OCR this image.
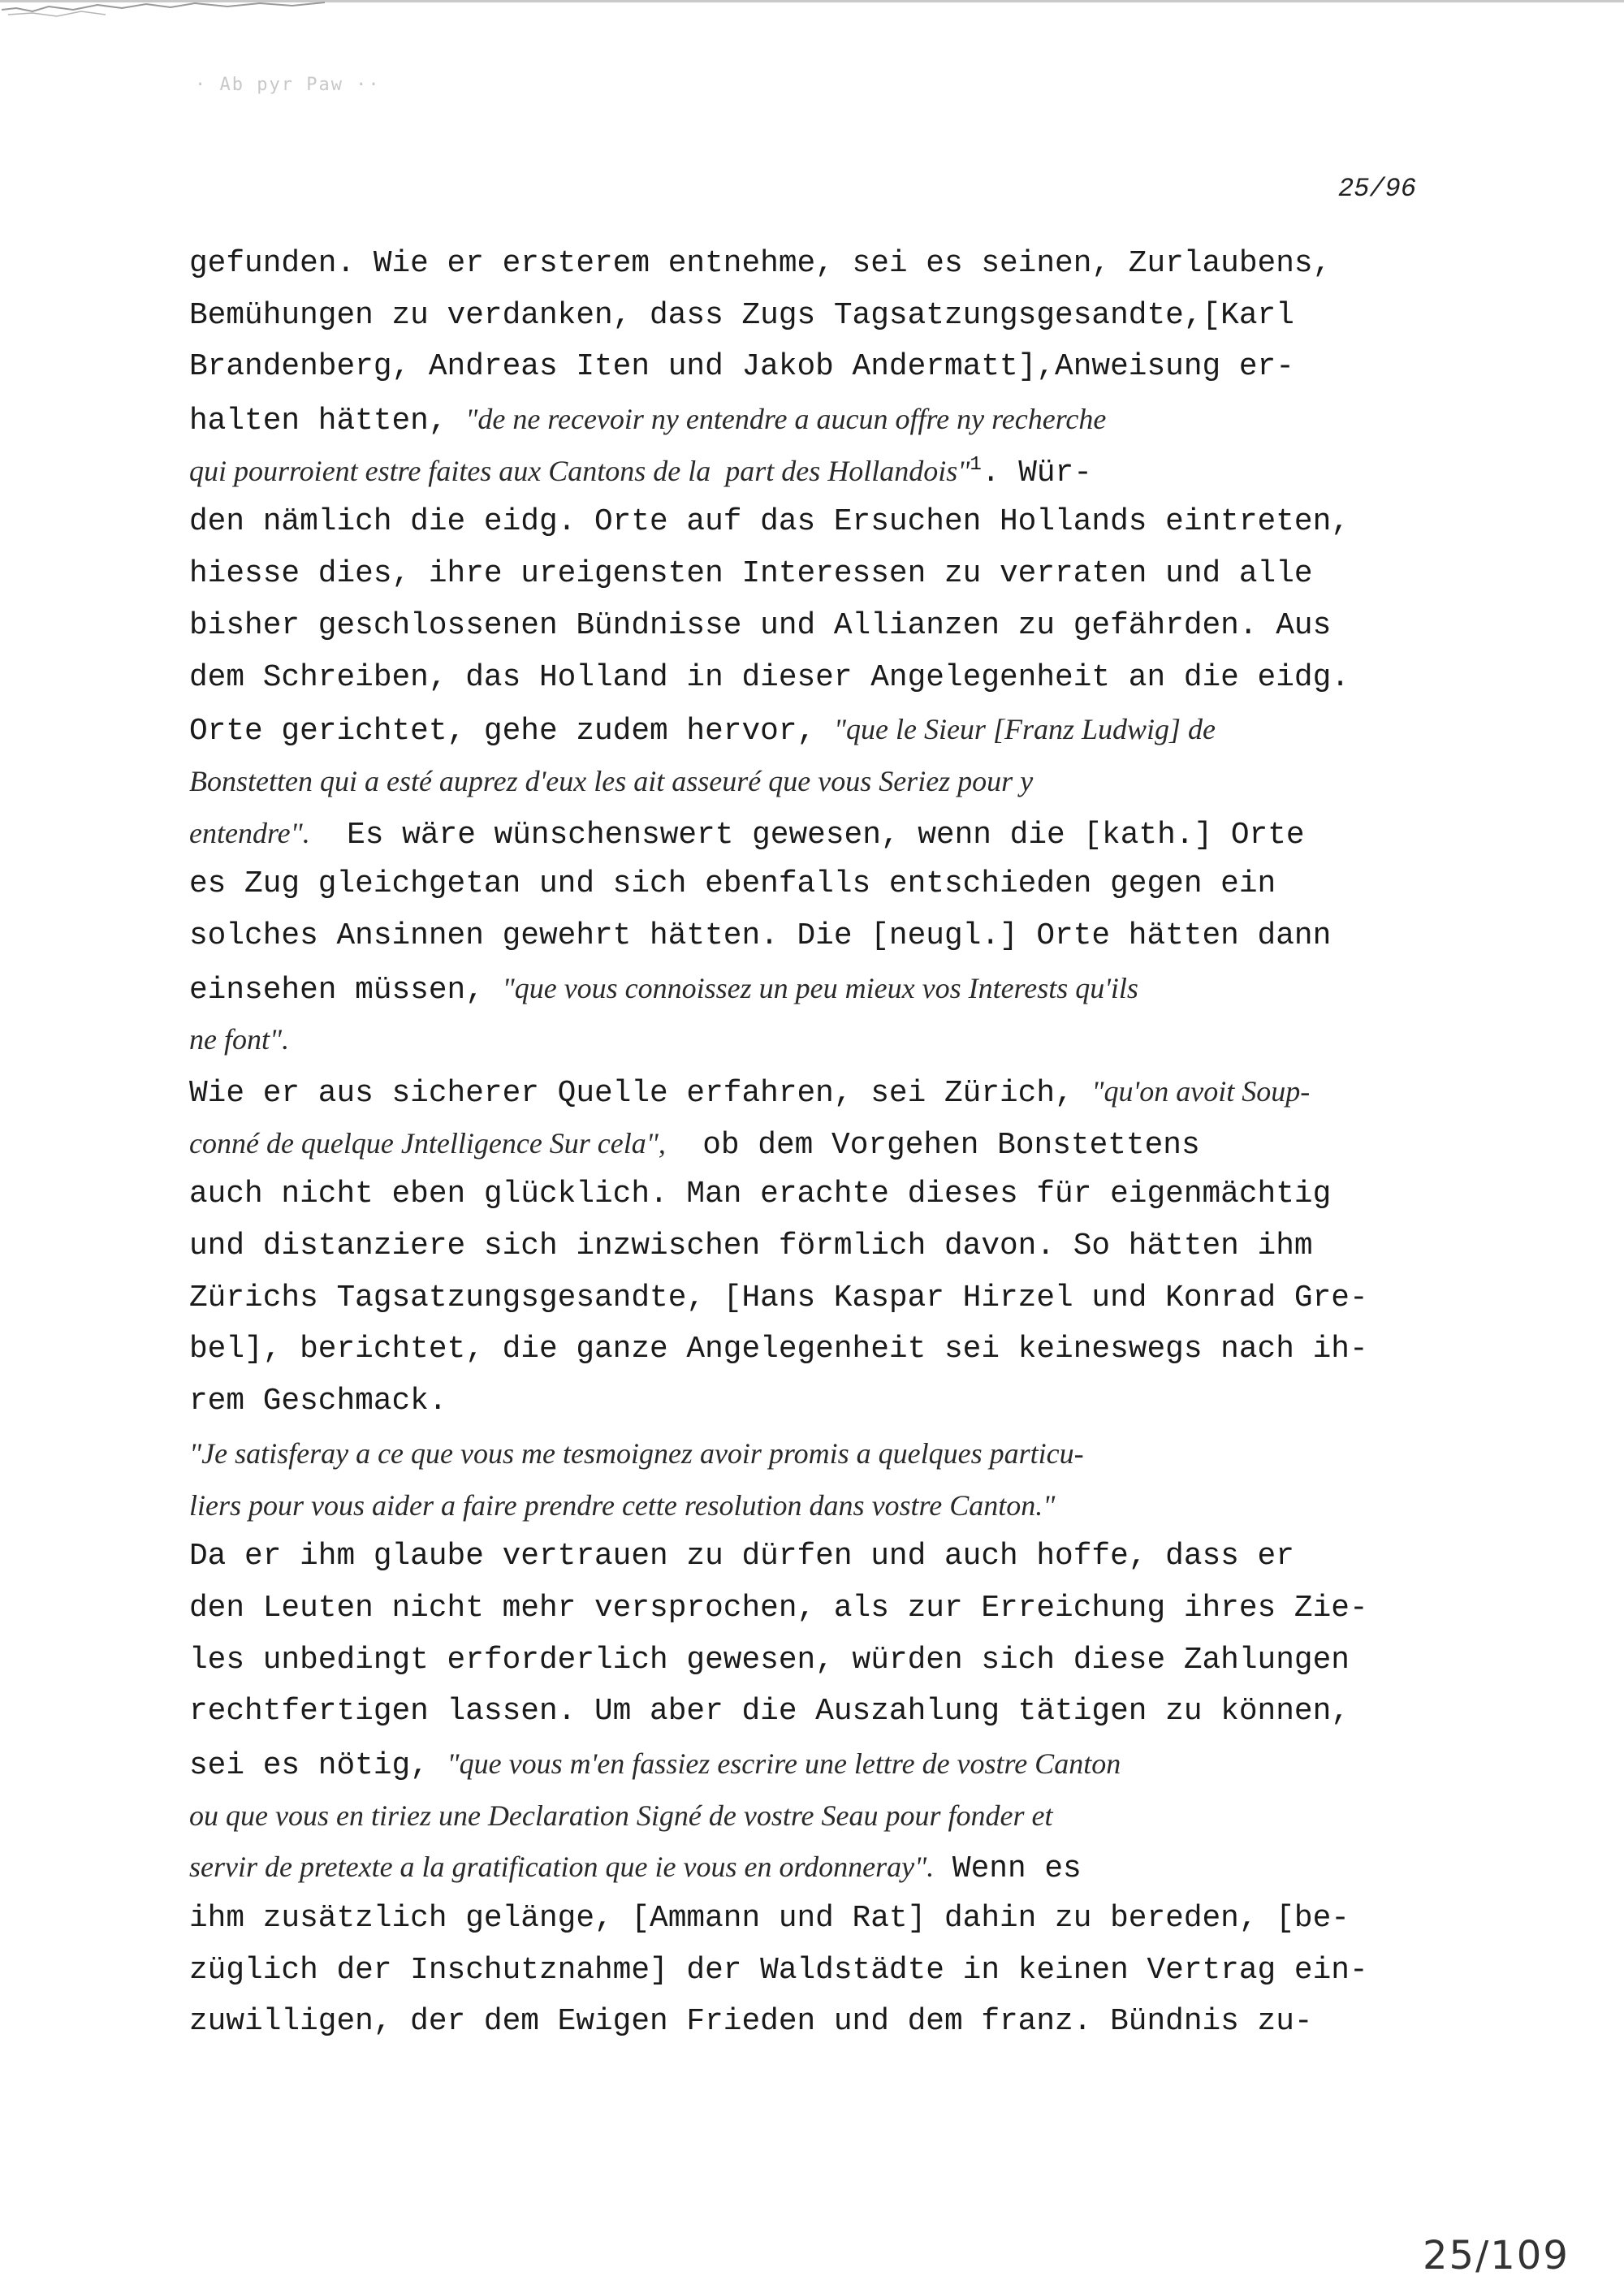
· Ab pyr Paw ··
25/96
gefunden. Wie er ersterem entnehme, sei es seinen, Zurlaubens,
Bemühungen zu verdanken, dass Zugs Tagsatzungsgesandte,[Karl
Brandenberg, Andreas Iten und Jakob Andermatt],Anweisung er-
halten hätten, "de ne recevoir ny entendre a aucun offre ny recherche
qui pourroient estre faites aux Cantons de la  part des Hollandois"$^1$. Wür-
den nämlich die eidg. Orte auf das Ersuchen Hollands eintreten,
hiesse dies, ihre ureigensten Interessen zu verraten und alle
bisher geschlossenen Bündnisse und Allianzen zu gefährden. Aus
dem Schreiben, das Holland in dieser Angelegenheit an die eidg.
Orte gerichtet, gehe zudem hervor, "que le Sieur [Franz Ludwig] de
Bonstetten qui a esté auprez d'eux les ait asseuré que vous Seriez pour y
entendre".  Es wäre wünschenswert gewesen, wenn die [kath.] Orte
es Zug gleichgetan und sich ebenfalls entschieden gegen ein
solches Ansinnen gewehrt hätten. Die [neugl.] Orte hätten dann
einsehen müssen, "que vous connoissez un peu mieux vos Interests qu'ils
ne font".
Wie er aus sicherer Quelle erfahren, sei Zürich, "qu'on avoit Soup-
conné de quelque Jntelligence Sur cela",  ob dem Vorgehen Bonstettens
auch nicht eben glücklich. Man erachte dieses für eigenmächtig
und distanziere sich inzwischen förmlich davon. So hätten ihm
Zürichs Tagsatzungsgesandte, [Hans Kaspar Hirzel und Konrad Gre-
bel], berichtet, die ganze Angelegenheit sei keineswegs nach ih-
rem Geschmack.
"Je satisferay a ce que vous me tesmoignez avoir promis a quelques particu-
liers pour vous aider a faire prendre cette resolution dans vostre Canton."
Da er ihm glaube vertrauen zu dürfen und auch hoffe, dass er
den Leuten nicht mehr versprochen, als zur Erreichung ihres Zie-
les unbedingt erforderlich gewesen, würden sich diese Zahlungen
rechtfertigen lassen. Um aber die Auszahlung tätigen zu können,
sei es nötig, "que vous m'en fassiez escrire une lettre de vostre Canton
ou que vous en tiriez une Declaration Signé de vostre Seau pour fonder et
servir de pretexte a la gratification que ie vous en ordonneray". Wenn es
ihm zusätzlich gelänge, [Ammann und Rat] dahin zu bereden, [be-
züglich der Inschutznahme] der Waldstädte in keinen Vertrag ein-
zuwilligen, der dem Ewigen Frieden und dem franz. Bündnis zu-
25/109
